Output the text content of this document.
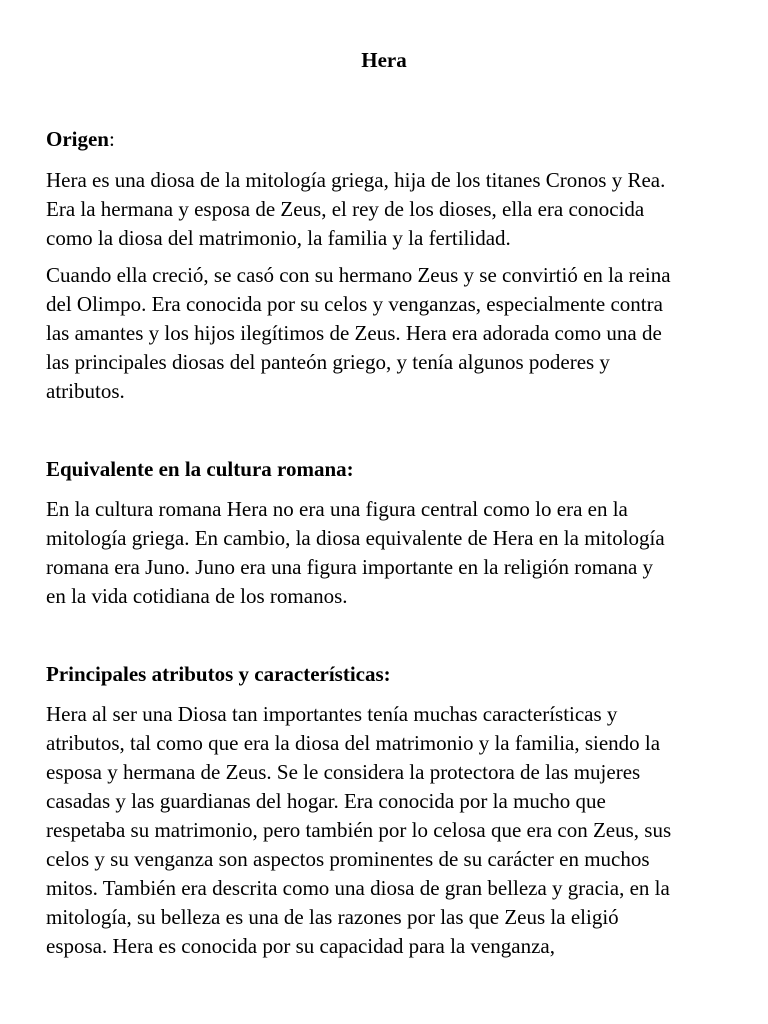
Hera
Origen:

Hera es una diosa de la mitología griega, hija de los titanes Cronos y Rea.
Era la hermana y esposa de Zeus, el rey de los dioses, ella era conocida
como la diosa del matrimonio, la familia y la fertilidad.

Cuando ella creció, se casó con su hermano Zeus y se convirtió en la reina
del Olimpo. Era conocida por su celos y venganzas, especialmente contra
las amantes y los hijos ilegítimos de Zeus. Hera era adorada como una de
las principales diosas del panteón griego, y tenía algunos poderes y
atributos.

Equivalente en la cultura romana:

En la cultura romana Hera no era una figura central como lo era en la
mitología griega. En cambio, la diosa equivalente de Hera en la mitología
romana era Juno. Juno era una figura importante en la religión romana y
en la vida cotidiana de los romanos.

Principales atributos y características:

Hera al ser una Diosa tan importantes tenía muchas características y
atributos, tal como que era la diosa del matrimonio y la familia, siendo la
esposa y hermana de Zeus. Se le considera la protectora de las mujeres
casadas y las guardianas del hogar. Era conocida por la mucho que
respetaba su matrimonio, pero también por lo celosa que era con Zeus, sus
celos y su venganza son aspectos prominentes de su carácter en muchos
mitos. También era descrita como una diosa de gran belleza y gracia, en la
mitología, su belleza es una de las razones por las que Zeus la eligió
esposa. Hera es conocida por su capacidad para la venganza,
